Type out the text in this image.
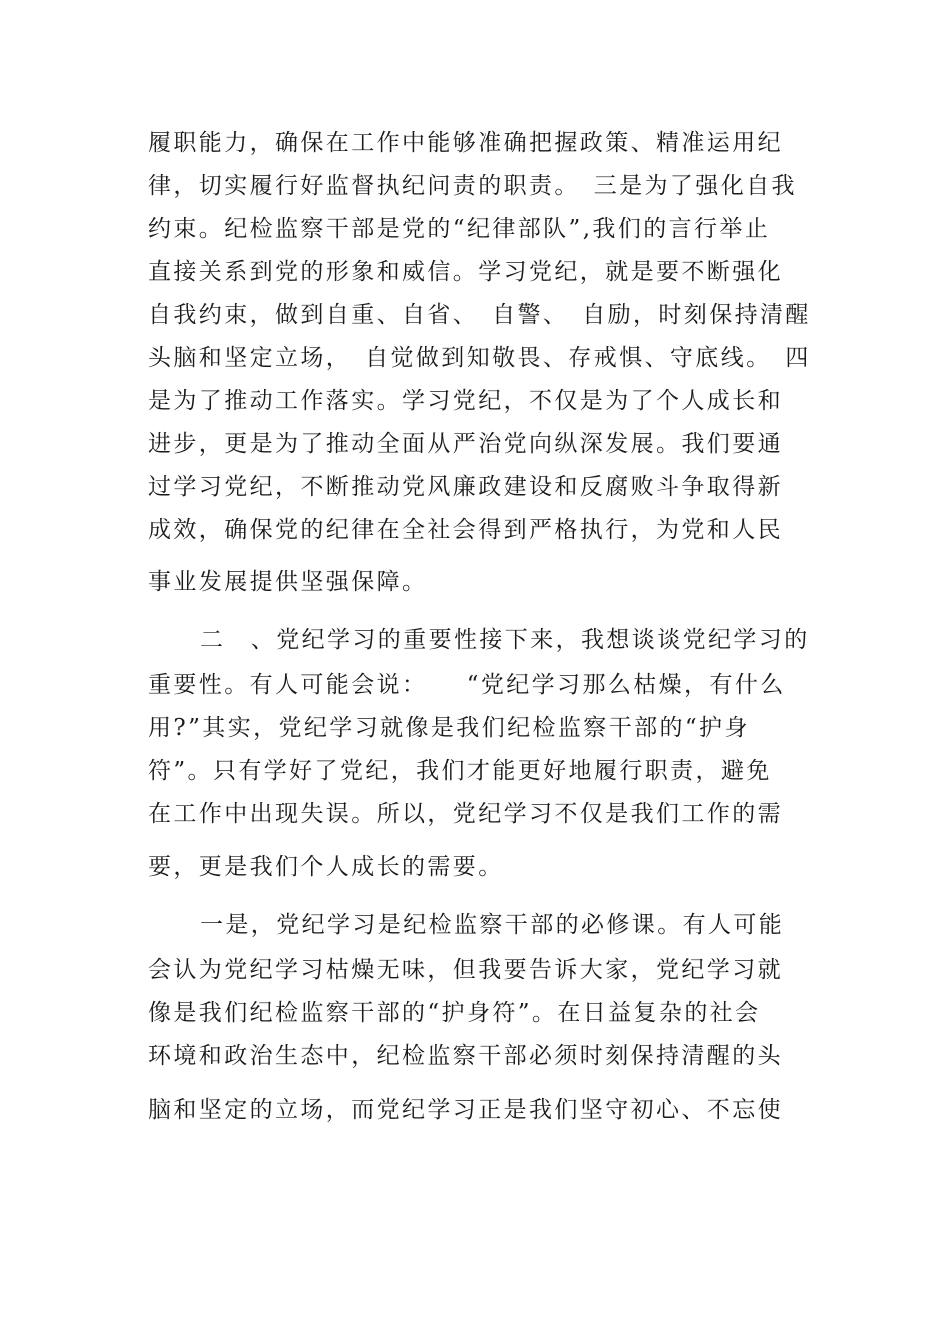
履职能力，确保在工作中能够准确把握政策、精准运用纪
律，切实履行好监督执纪问责的职责。　三是为了强化自我
约束。纪检监察干部是党的“纪律部队”,我们的言行举止
直接关系到党的形象和威信。学习党纪，就是要不断强化
自我约束，做到自重、自省、　自警、　自励，时刻保持清醒
头脑和坚定立场，　自觉做到知敬畏、存戒惧、守底线。　四
是为了推动工作落实。学习党纪，不仅是为了个人成长和
进步，更是为了推动全面从严治党向纵深发展。我们要通
过学习党纪，不断推动党风廉政建设和反腐败斗争取得新
成效，确保党的纪律在全社会得到严格执行，为党和人民
事业发展提供坚强保障。
二　、党纪学习的重要性接下来，我想谈谈党纪学习的
重要性。有人可能会说：　　“党纪学习那么枯燥，有什么
用?”其实，党纪学习就像是我们纪检监察干部的“护身
符”。只有学好了党纪，我们才能更好地履行职责，避免
在工作中出现失误。所以，党纪学习不仅是我们工作的需
要，更是我们个人成长的需要。
一是，党纪学习是纪检监察干部的必修课。有人可能
会认为党纪学习枯燥无味，但我要告诉大家，党纪学习就
像是我们纪检监察干部的“护身符”。在日益复杂的社会
环境和政治生态中，纪检监察干部必须时刻保持清醒的头
脑和坚定的立场，而党纪学习正是我们坚守初心、不忘使
